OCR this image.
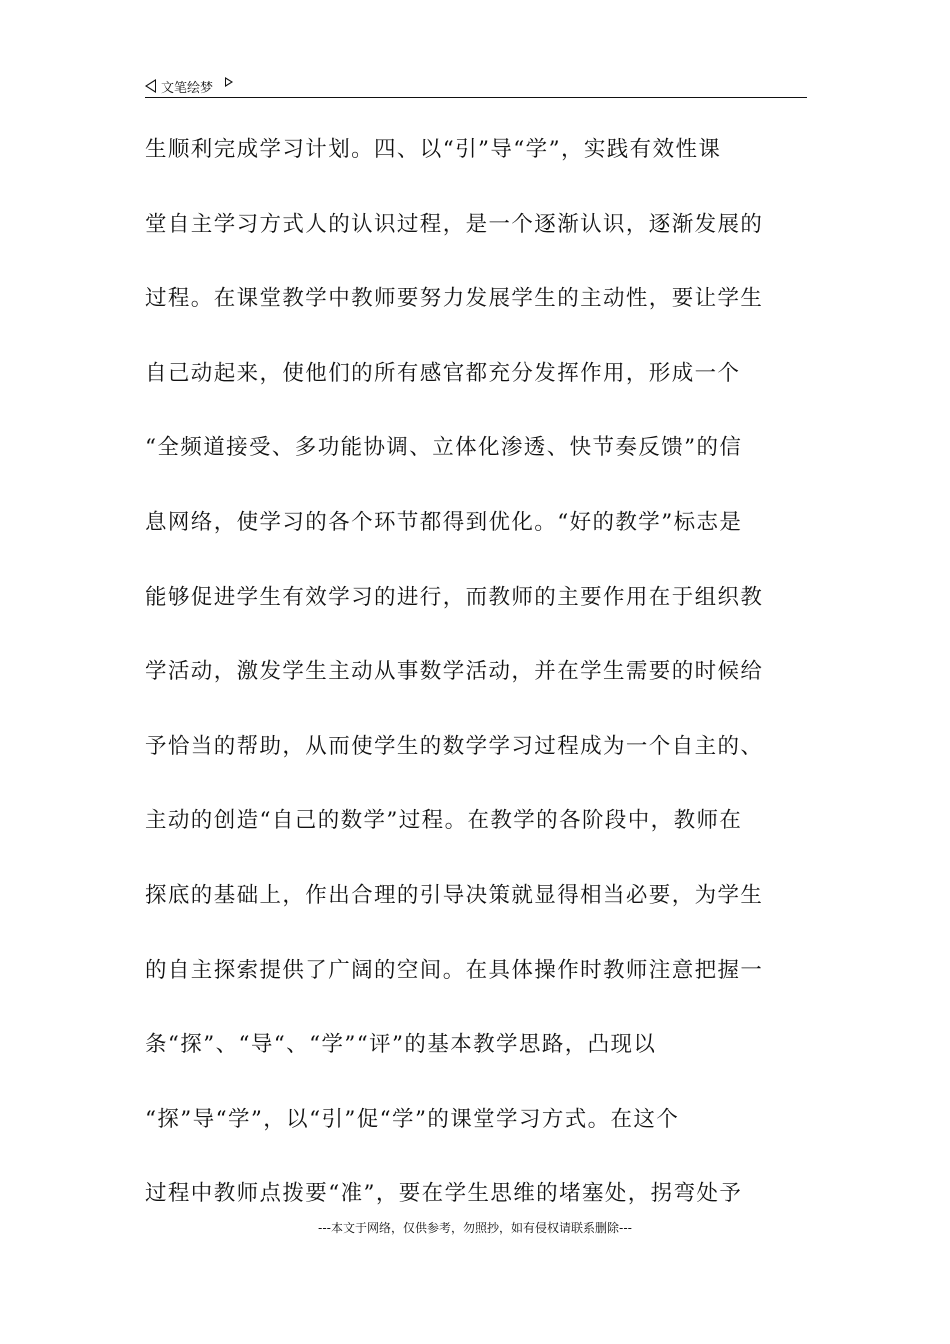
文笔绘梦
生顺利完成学习计划。四、以“引”导“学”，实践有效性课
堂自主学习方式人的认识过程，是一个逐渐认识，逐渐发展的
过程。在课堂教学中教师要努力发展学生的主动性，要让学生
自己动起来，使他们的所有感官都充分发挥作用，形成一个
“全频道接受、多功能协调、立体化渗透、快节奏反馈”的信
息网络，使学习的各个环节都得到优化。“好的教学”标志是
能够促进学生有效学习的进行，而教师的主要作用在于组织教
学活动，激发学生主动从事数学活动，并在学生需要的时候给
予恰当的帮助，从而使学生的数学学习过程成为一个自主的、
主动的创造“自己的数学”过程。在教学的各阶段中，教师在
探底的基础上，作出合理的引导决策就显得相当必要，为学生
的自主探索提供了广阔的空间。在具体操作时教师注意把握一
条“探”、“导“、“学”“评”的基本教学思路，凸现以
“探”导“学”，以“引”促“学”的课堂学习方式。在这个
过程中教师点拨要“准”，要在学生思维的堵塞处，拐弯处予
---本文于网络，仅供参考，勿照抄，如有侵权请联系删除---
